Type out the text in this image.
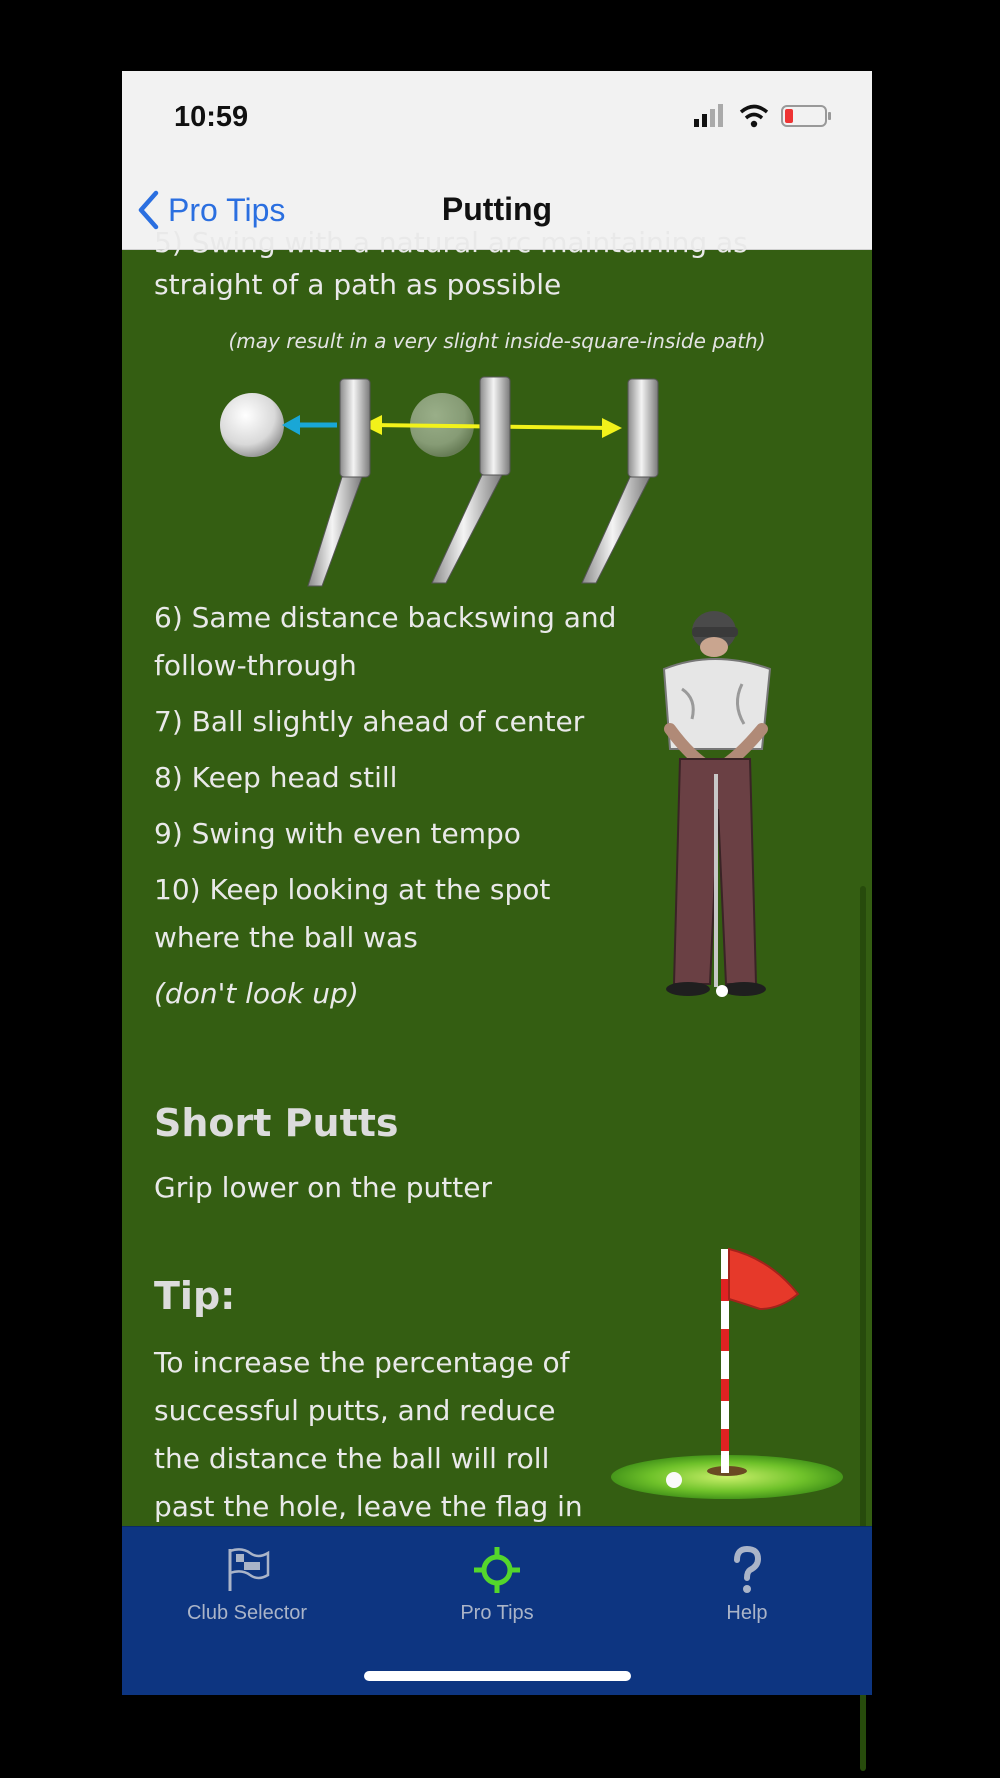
10:59
Pro Tips	Putting
5) Swing with a natural arc maintaining as
straight of a path as possible
(may result in a very slight inside-square-inside path)
6) Same distance backswing and follow-through
7) Ball slightly ahead of center
8) Keep head still
9) Swing with even tempo
10) Keep looking at the spot where the ball was
(don't look up)
Short Putts
Grip lower on the putter
Tip:
To increase the percentage of successful putts, and reduce the distance the ball will roll past the hole, leave the flag in
Club Selector	Pro Tips	Help
